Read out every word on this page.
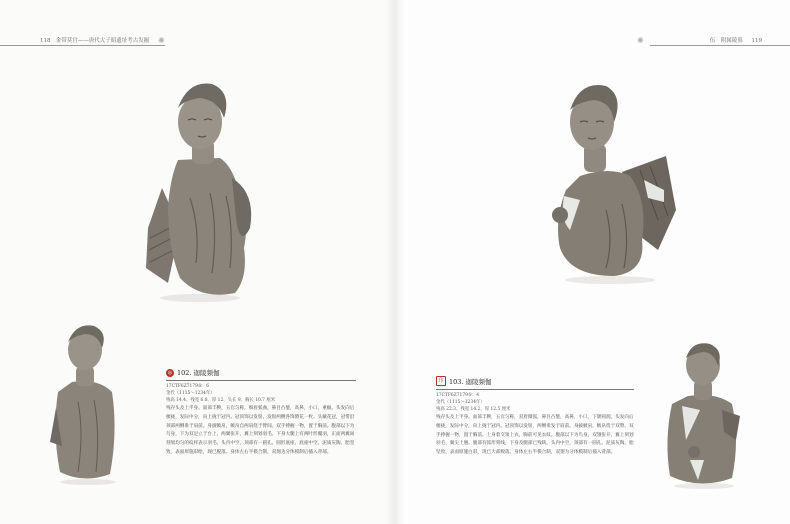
118 金带莫宫——唐代大子昭遗址考古发掘 ✺	伍　附属陵墓 119
✺
◎ 102. 迦陵频伽
17CTF6Z7179⑤：6
金代（1115～1234年）
残高 14.4、残宽 6.8、厚 12、头长 9、胸长 10.7 厘米
残存头及上半身。面部丰腴，五官匀称，细眉弧曲，鼻目凸錾，高鼻，小口，重颐。头发向后梳拢，发际中分，向上拢于冠内。冠顶饰以发髻，发髻两侧各饰簪花一枚。头戴花冠，冠带沿颈部两侧垂于肩前。身披帔帛，帔帛自两肩绕于臂间。双手捧握一物，置于胸前。腹部以下为鸟身，下为双足立于台上，两翼张开，翼上刻划羽毛。下身大腿上有两叶形覆羽，正面两翼间刻划均匀的纹样表示羽毛。头内中空，颈部有一圆孔。圆形底座，底座中空。泥质灰陶，胎坚致，表面原施彩绘，现已脱落。身体左右半模合制，双翅为分体模制后插入背部。
印 103. 迦陵频伽
17CTF6Z7179⑤：4
金代（1115～1234年）
残高 22.3、残宽 14.2、厚 12.5 厘米
残存头及上半身。面部丰腴，五官匀称，双眉微弧，鼻目凸錾，高鼻，小口，下颌圆润。头发向后梳拢，发际中分，向上拢于冠内。冠顶饰以发髻，两侧垂发于肩前。身披帔帛，帔帛绕于双臂。双手捧握一物，置于胸前。上身着交领上衣，胸前可见衣纹。腹部以下为鸟身，双翅张开，翼上刻划羽毛，翼尖上翘。腹部有弧形刻线，下身及腿部已残缺。头内中空，颈部有一圆孔。泥质灰陶，胎坚致，表面原施白彩，现已大部脱落。身体左右半模合制，双翅为分体模制后插入背部。
